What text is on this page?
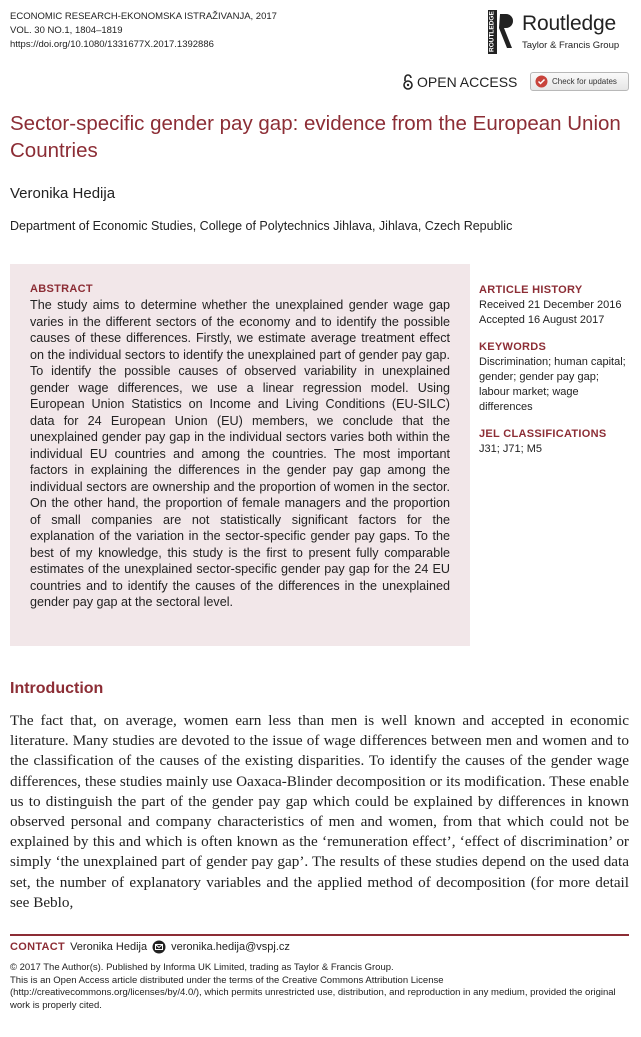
ECONOMIC RESEARCH-EKONOMSKA ISTRAŽIVANJA, 2017
VOL. 30 NO.1, 1804–1819
https://doi.org/10.1080/1331677X.2017.1392886	ROUTLEDGE Routledge
Taylor & Francis Group
OPEN ACCESS	Check for updates
Sector-specific gender pay gap: evidence from the European Union Countries
Veronika Hedija
Department of Economic Studies, College of Polytechnics Jihlava, Jihlava, Czech Republic
ABSTRACT
The study aims to determine whether the unexplained gender wage gap varies in the different sectors of the economy and to identify the possible causes of these differences. Firstly, we estimate average treatment effect on the individual sectors to identify the unexplained part of gender pay gap. To identify the possible causes of observed variability in unexplained gender wage differences, we use a linear regression model. Using European Union Statistics on Income and Living Conditions (EU-SILC) data for 24 European Union (EU) members, we conclude that the unexplained gender pay gap in the individual sectors varies both within the individual EU countries and among the countries. The most important factors in explaining the differences in the gender pay gap among the individual sectors are ownership and the proportion of women in the sector. On the other hand, the proportion of female managers and the proportion of small companies are not statistically significant factors for the explanation of the variation in the sector-specific gender pay gaps. To the best of my knowledge, this study is the first to present fully comparable estimates of the unexplained sector-specific gender pay gap for the 24 EU countries and to identify the causes of the differences in the unexplained gender pay gap at the sectoral level.
ARTICLE HISTORY
Received 21 December 2016
Accepted 16 August 2017
KEYWORDS
Discrimination; human capital; gender; gender pay gap; labour market; wage differences
JEL CLASSIFICATIONS
J31; J71; M5
Introduction
The fact that, on average, women earn less than men is well known and accepted in economic literature. Many studies are devoted to the issue of wage differences between men and women and to the classification of the causes of the existing disparities. To identify the causes of the gender wage differences, these studies mainly use Oaxaca-Blinder decomposition or its modification. These enable us to distinguish the part of the gender pay gap which could be explained by differences in known observed personal and company characteristics of men and women, from that which could not be explained by this and which is often known as the ‘remuneration effect’, ‘effect of discrimination’ or simply ‘the unexplained part of gender pay gap’. The results of these studies depend on the used data set, the number of explanatory variables and the applied method of decomposition (for more detail see Beblo,
CONTACT Veronika Hedija veronika.hedija@vspj.cz
© 2017 The Author(s). Published by Informa UK Limited, trading as Taylor & Francis Group.
This is an Open Access article distributed under the terms of the Creative Commons Attribution License (http://creativecommons.org/licenses/by/4.0/), which permits unrestricted use, distribution, and reproduction in any medium, provided the original work is properly cited.
